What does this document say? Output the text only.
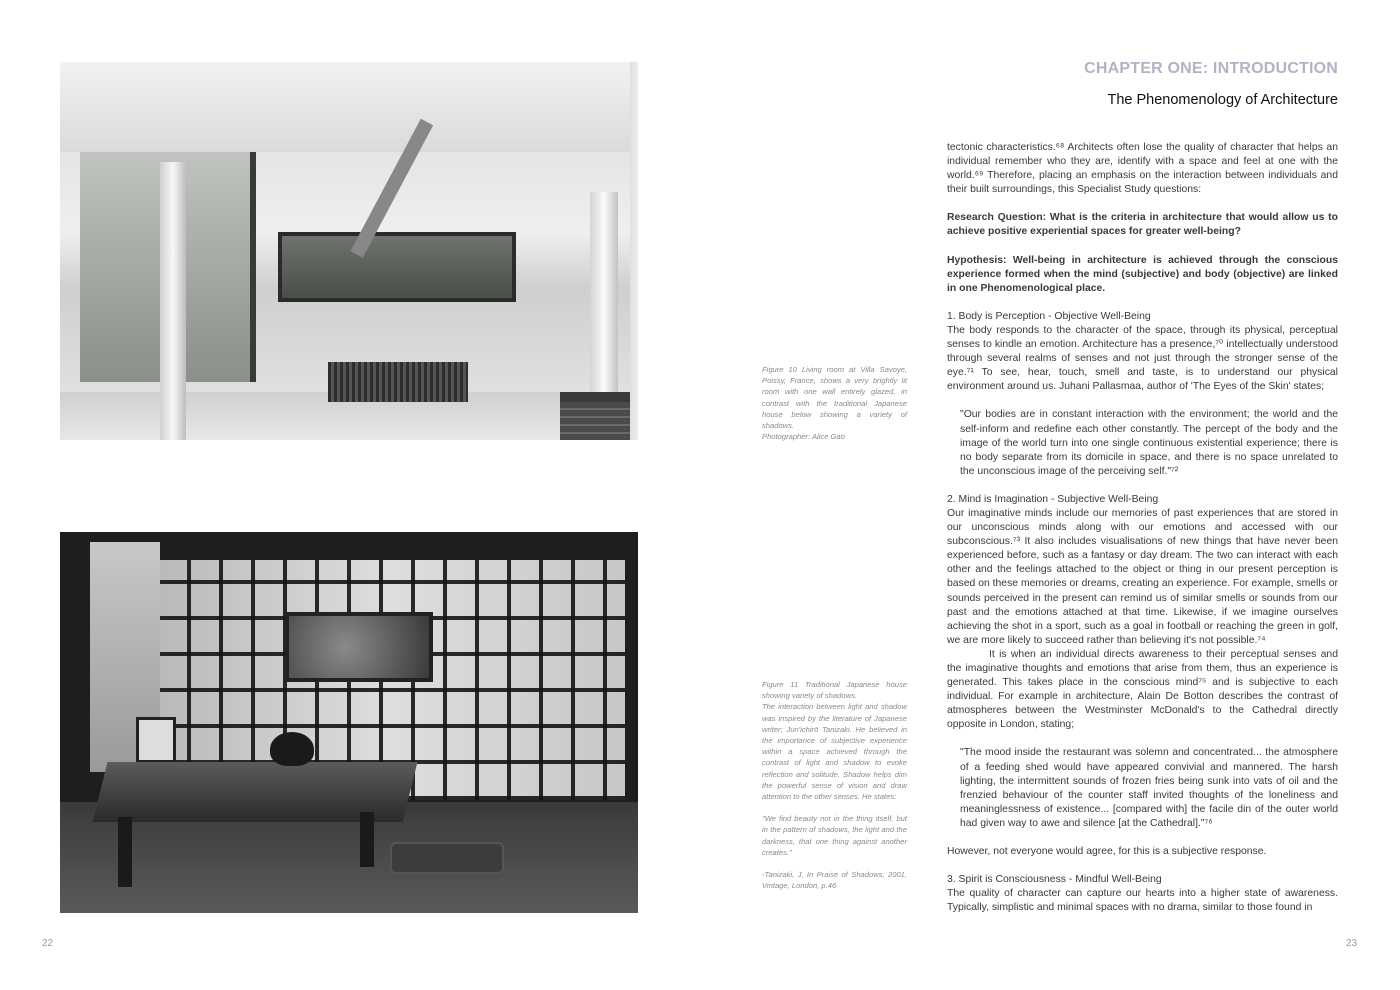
Figure 10 Living room at Villa Savoye, Poissy, France, shows a very brightly lit room with one wall entirely glazed, in contrast with the traditional Japanese house below showing a variety of shadows.

Photographer: Alice Gao

Figure 11 Traditional Japanese house showing variety of shadows.

The interaction between light and shadow was inspired by the literature of Japanese writer; Jun'ichirō Tanizaki. He believed in the importance of subjective experience within a space achieved through the contrast of light and shadow to evoke reflection and solitude. Shadow helps dim the powerful sense of vision and draw attention to the other senses. He states:

"We find beauty not in the thing itself, but in the pattern of shadows, the light and the darkness, that one thing against another creates."

-Tanizaki, J, In Praise of Shadows, 2001, Vintage, London, p.46

22
CHAPTER ONE: INTRODUCTION
The Phenomenology of Architecture

tectonic characteristics.⁶⁸ Architects often lose the quality of character that helps an individual remember who they are, identify with a space and feel at one with the world.⁶⁹ Therefore, placing an emphasis on the interaction between individuals and their built surroundings, this Specialist Study questions:

Research Question: What is the criteria in architecture that would allow us to achieve positive experiential spaces for greater well-being?

Hypothesis: Well-being in architecture is achieved through the conscious experience formed when the mind (subjective) and body (objective) are linked in one Phenomenological place.

1. Body is Perception - Objective Well-Being

The body responds to the character of the space, through its physical, perceptual senses to kindle an emotion. Architecture has a presence,⁷⁰ intellectually understood through several realms of senses and not just through the stronger sense of the eye.⁷¹ To see, hear, touch, smell and taste, is to understand our physical environment around us. Juhani Pallasmaa, author of 'The Eyes of the Skin' states;

"Our bodies are in constant interaction with the environment; the world and the self-inform and redefine each other constantly. The percept of the body and the image of the world turn into one single continuous existential experience; there is no body separate from its domicile in space, and there is no space unrelated to the unconscious image of the perceiving self."⁷²

2. Mind is Imagination - Subjective Well-Being

Our imaginative minds include our memories of past experiences that are stored in our unconscious minds along with our emotions and accessed with our subconscious.⁷³ It also includes visualisations of new things that have never been experienced before, such as a fantasy or day dream. The two can interact with each other and the feelings attached to the object or thing in our present perception is based on these memories or dreams, creating an experience. For example, smells or sounds perceived in the present can remind us of similar smells or sounds from our past and the emotions attached at that time. Likewise, if we imagine ourselves achieving the shot in a sport, such as a goal in football or reaching the green in golf, we are more likely to succeed rather than believing it's not possible.⁷⁴

It is when an individual directs awareness to their perceptual senses and the imaginative thoughts and emotions that arise from them, thus an experience is generated. This takes place in the conscious mind⁷⁵ and is subjective to each individual. For example in architecture, Alain De Botton describes the contrast of atmospheres between the Westminster McDonald's to the Cathedral directly opposite in London, stating;

"The mood inside the restaurant was solemn and concentrated... the atmosphere of a feeding shed would have appeared convivial and mannered. The harsh lighting, the intermittent sounds of frozen fries being sunk into vats of oil and the frenzied behaviour of the counter staff invited thoughts of the loneliness and meaninglessness of existence... [compared with] the facile din of the outer world had given way to awe and silence [at the Cathedral]."⁷⁶

However, not everyone would agree, for this is a subjective response.

3. Spirit is Consciousness - Mindful Well-Being

The quality of character can capture our hearts into a higher state of awareness. Typically, simplistic and minimal spaces with no drama, similar to those found in

23
